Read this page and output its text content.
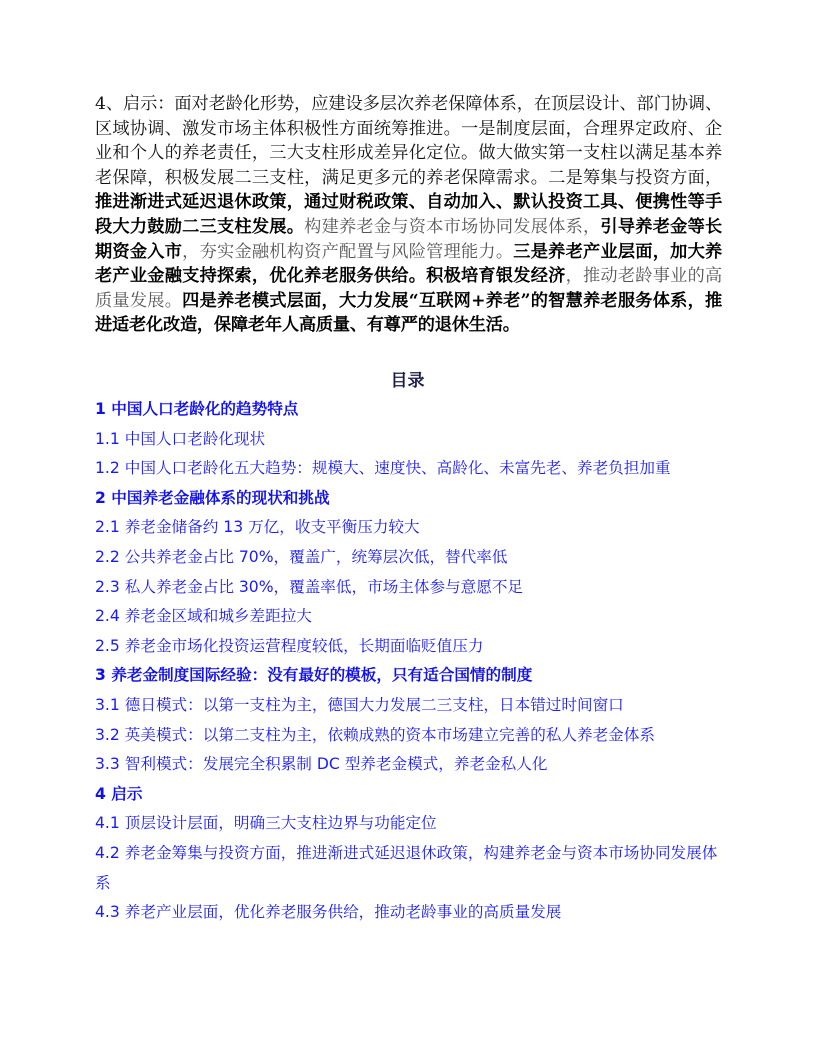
4、启示：面对老龄化形势，应建设多层次养老保障体系，在顶层设计、部门协调、区域协调、激发市场主体积极性方面统筹推进。一是制度层面，合理界定政府、企业和个人的养老责任，三大支柱形成差异化定位。做大做实第一支柱以满足基本养老保障，积极发展二三支柱，满足更多元的养老保障需求。二是筹集与投资方面，推进渐进式延迟退休政策，通过财税政策、自动加入、默认投资工具、便携性等手段大力鼓励二三支柱发展。构建养老金与资本市场协同发展体系，引导养老金等长期资金入市，夯实金融机构资产配置与风险管理能力。三是养老产业层面，加大养老产业金融支持探索，优化养老服务供给。积极培育银发经济，推动老龄事业的高质量发展。四是养老模式层面，大力发展“互联网+养老”的智慧养老服务体系，推进适老化改造，保障老年人高质量、有尊严的退休生活。
目录
1 中国人口老龄化的趋势特点
1.1 中国人口老龄化现状
1.2 中国人口老龄化五大趋势：规模大、速度快、高龄化、未富先老、养老负担加重
2 中国养老金融体系的现状和挑战
2.1 养老金储备约 13 万亿，收支平衡压力较大
2.2 公共养老金占比 70%，覆盖广，统筹层次低，替代率低
2.3 私人养老金占比 30%，覆盖率低，市场主体参与意愿不足
2.4 养老金区域和城乡差距拉大
2.5 养老金市场化投资运营程度较低，长期面临贬值压力
3 养老金制度国际经验：没有最好的模板，只有适合国情的制度
3.1 德日模式：以第一支柱为主，德国大力发展二三支柱，日本错过时间窗口
3.2 英美模式：以第二支柱为主，依赖成熟的资本市场建立完善的私人养老金体系
3.3 智利模式：发展完全积累制 DC 型养老金模式，养老金私人化
4 启示
4.1 顶层设计层面，明确三大支柱边界与功能定位
4.2 养老金筹集与投资方面，推进渐进式延迟退休政策，构建养老金与资本市场协同发展体系
4.3 养老产业层面，优化养老服务供给，推动老龄事业的高质量发展
